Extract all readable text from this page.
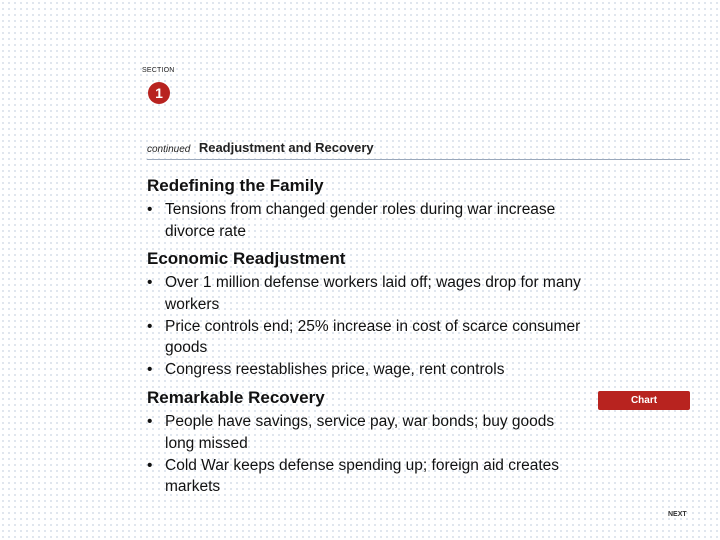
SECTION
1
continued Readjustment and Recovery
Redefining the Family
• Tensions from changed gender roles during war increase divorce rate
Economic Readjustment
• Over 1 million defense workers laid off; wages drop for many workers
• Price controls end; 25% increase in cost of scarce consumer goods
• Congress reestablishes price, wage, rent controls
Remarkable Recovery
• People have savings, service pay, war bonds; buy goods long missed
• Cold War keeps defense spending up; foreign aid creates markets
Chart
NEXT
